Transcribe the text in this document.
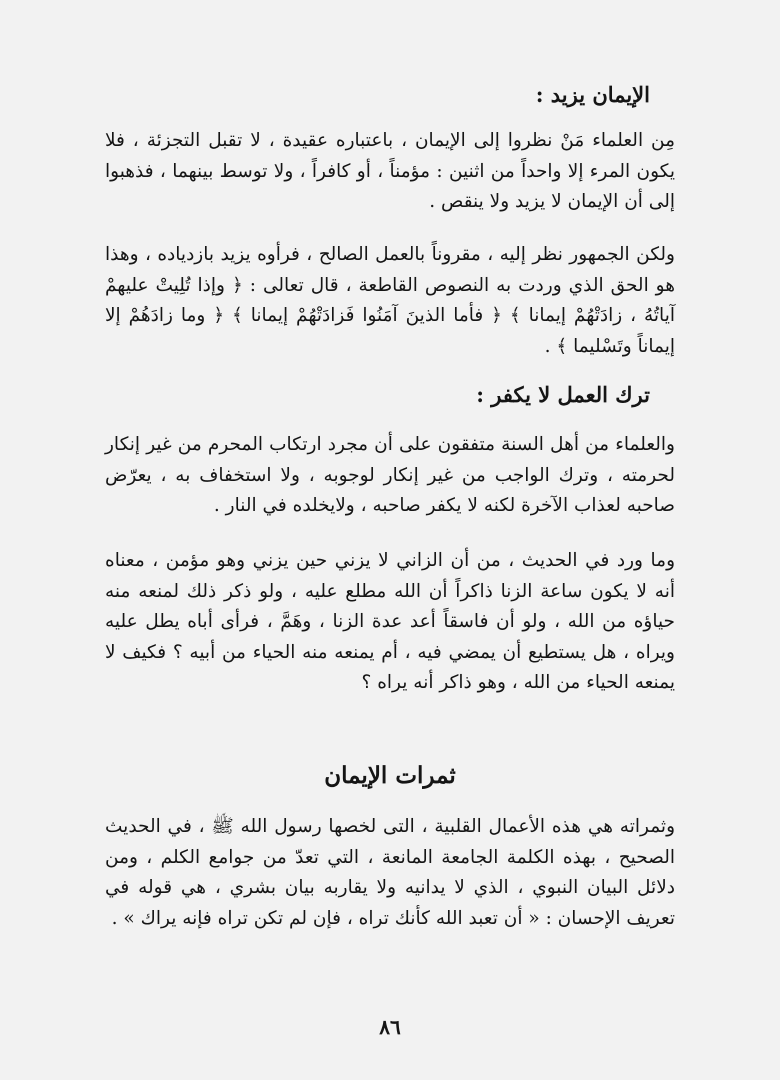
الإيمان يزيد :

مِن العلماء مَنْ نظروا إلى الإيمان ، باعتباره عقيدة ، لا تقبل التجزئة ، فلا يكون المرء إلا واحداً من اثنين : مؤمناً ، أو كافراً ، ولا توسط بينهما ، فذهبوا إلى أن الإيمان لا يزيد ولا ينقص .

ولكن الجمهور نظر إليه ، مقروناً بالعمل الصالح ، فرأوه يزيد بازدياده ، وهذا هو الحق الذي وردت به النصوص القاطعة ، قال تعالى : ﴿ وإذا تُلِيتْ عليهمْ آياتُهُ ، زادَتْهُمْ إيمانا ﴾ ﴿ فأما الذينَ آمَنُوا فَزادَتْهُمْ إيمانا ﴾ ﴿ وما زادَهُمْ إلا إيماناً وتَسْليما ﴾ .

ترك العمل لا يكفر :

والعلماء من أهل السنة متفقون على أن مجرد ارتكاب المحرم من غير إنكار لحرمته ، وترك الواجب من غير إنكار لوجوبه ، ولا استخفاف به ، يعرّض صاحبه لعذاب الآخرة لكنه لا يكفر صاحبه ، ولايخلده في النار .

وما ورد في الحديث ، من أن الزاني لا يزني حين يزني وهو مؤمن ، معناه أنه لا يكون ساعة الزنا ذاكراً أن الله مطلع عليه ، ولو ذكر ذلك لمنعه منه حياؤه من الله ، ولو أن فاسقاً أعد عدة الزنا ، وهَمَّ ، فرأى أباه يطل عليه ويراه ، هل يستطيع أن يمضي فيه ، أم يمنعه منه الحياء من أبيه ؟ فكيف لا يمنعه الحياء من الله ، وهو ذاكر أنه يراه ؟

ثمرات الإيمان

وثمراته هي هذه الأعمال القلبية ، التى لخصها رسول الله ﷺ ، في الحديث الصحيح ، بهذه الكلمة الجامعة المانعة ، التي تعدّ من جوامع الكلم ، ومن دلائل البيان النبوي ، الذي لا يدانيه ولا يقاربه بيان بشري ، هي قوله في تعريف الإحسان : « أن تعبد الله كأنك تراه ، فإن لم تكن تراه فإنه يراك » .

٨٦
